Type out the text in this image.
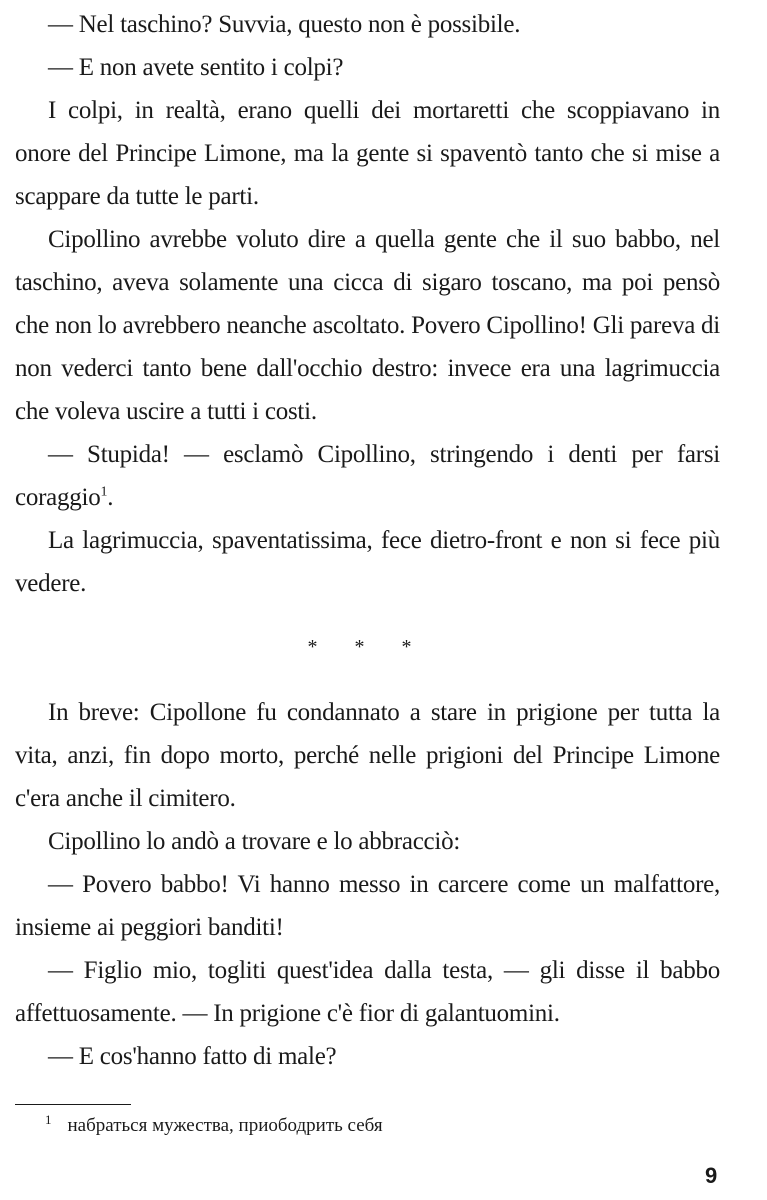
— Nel taschino? Suvvia, questo non è possibile.

— E non avete sentito i colpi?

I colpi, in realtà, erano quelli dei mortaretti che scoppiavano in onore del Principe Limone, ma la gente si spaventò tanto che si mise a scappare da tutte le parti.

Cipollino avrebbe voluto dire a quella gente che il suo babbo, nel taschino, aveva solamente una cicca di sigaro toscano, ma poi pensò che non lo avrebbero neanche ascoltato. Povero Cipollino! Gli pareva di non vederci tanto bene dall'occhio destro: invece era una lagrimuccia che voleva uscire a tutti i costi.

— Stupida! — esclamò Cipollino, stringendo i denti per farsi coraggio$^1$.

La lagrimuccia, spaventatissima, fece dietro-front e non si fece più vedere.

* * *

In breve: Cipollone fu condannato a stare in prigione per tutta la vita, anzi, fin dopo morto, perché nelle prigioni del Principe Limone c'era anche il cimitero.

Cipollino lo andò a trovare e lo abbracciò:

— Povero babbo! Vi hanno messo in carcere come un malfattore, insieme ai peggiori banditi!

— Figlio mio, togliti quest'idea dalla testa, — gli disse il babbo affettuosamente. — In prigione c'è fior di galantuomini.

— E cos'hanno fatto di male?

$^1$ набраться мужества, приободрить себя
9
